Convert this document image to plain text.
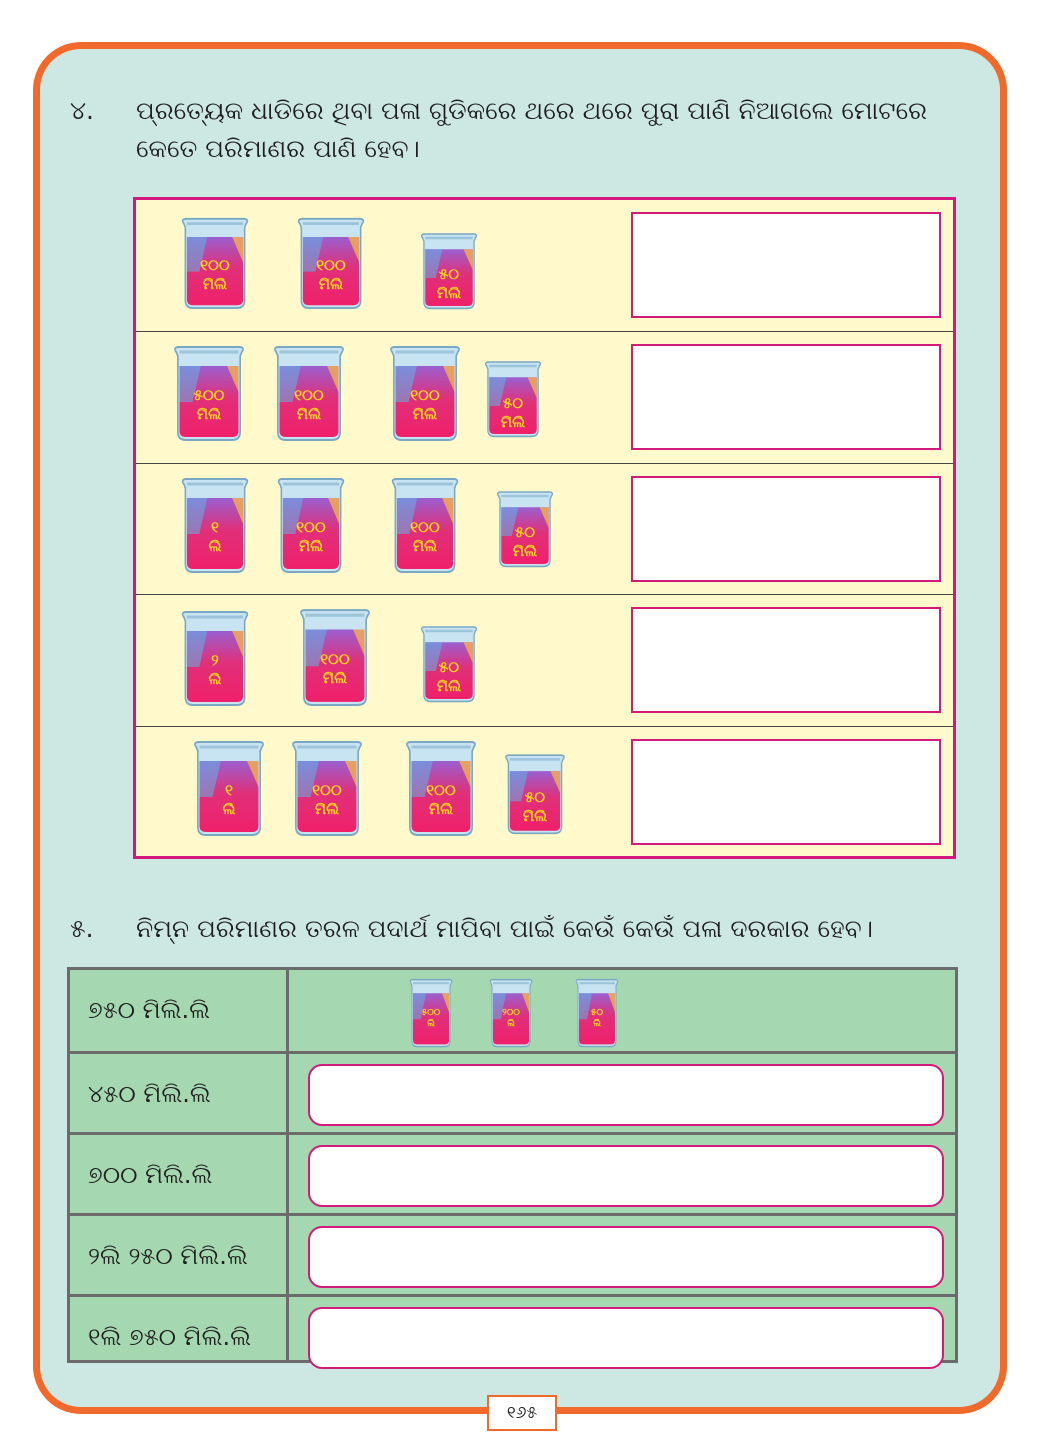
୪. ପ୍ରତ୍ୟେକ ଧାଡିରେ ଥିବା ପଳା ଗୁଡିକରେ ଥରେ ଥରେ ପୁରା ପାଣି ନିଆଗଲେ ମୋଟରେ କେତେ ପରିମାଣର ପାଣି ହେବ।
୧୦୦
ମିଲି
୧୦୦
ମିଲି
୫୦
ମିଲି
୫୦୦
ମିଲି
୧୦୦
ମିଲି
୧୦୦
ମିଲି
୫୦
ମିଲି
୧
ଲି
୧୦୦
ମିଲି
୧୦୦
ମିଲି
୫୦
ମିଲି
୨
ଲି
୧୦୦
ମିଲି
୫୦
ମିଲି
୧
ଲି
୧୦୦
ମିଲି
୧୦୦
ମିଲି
୫୦
ମିଲି
୫. ନିମ୍ନ ପରିମାଣର ତରଳ ପଦାର୍ଥ ମାପିବା ପାଇଁ କେଉଁ କେଉଁ ପଳା ଦରକାର ହେବ।
୭୫୦ ମିଲି.ଲି	୫୦୦
ଲି
୨୦୦
ଲି
୫୦
ଲି
୪୫୦ ମିଲି.ଲି
୭୦୦ ମିଲି.ଲି
୨ଲି ୨୫୦ ମିଲି.ଲି
୧ଲି ୭୫୦ ମିଲି.ଲି
୧୬୫
